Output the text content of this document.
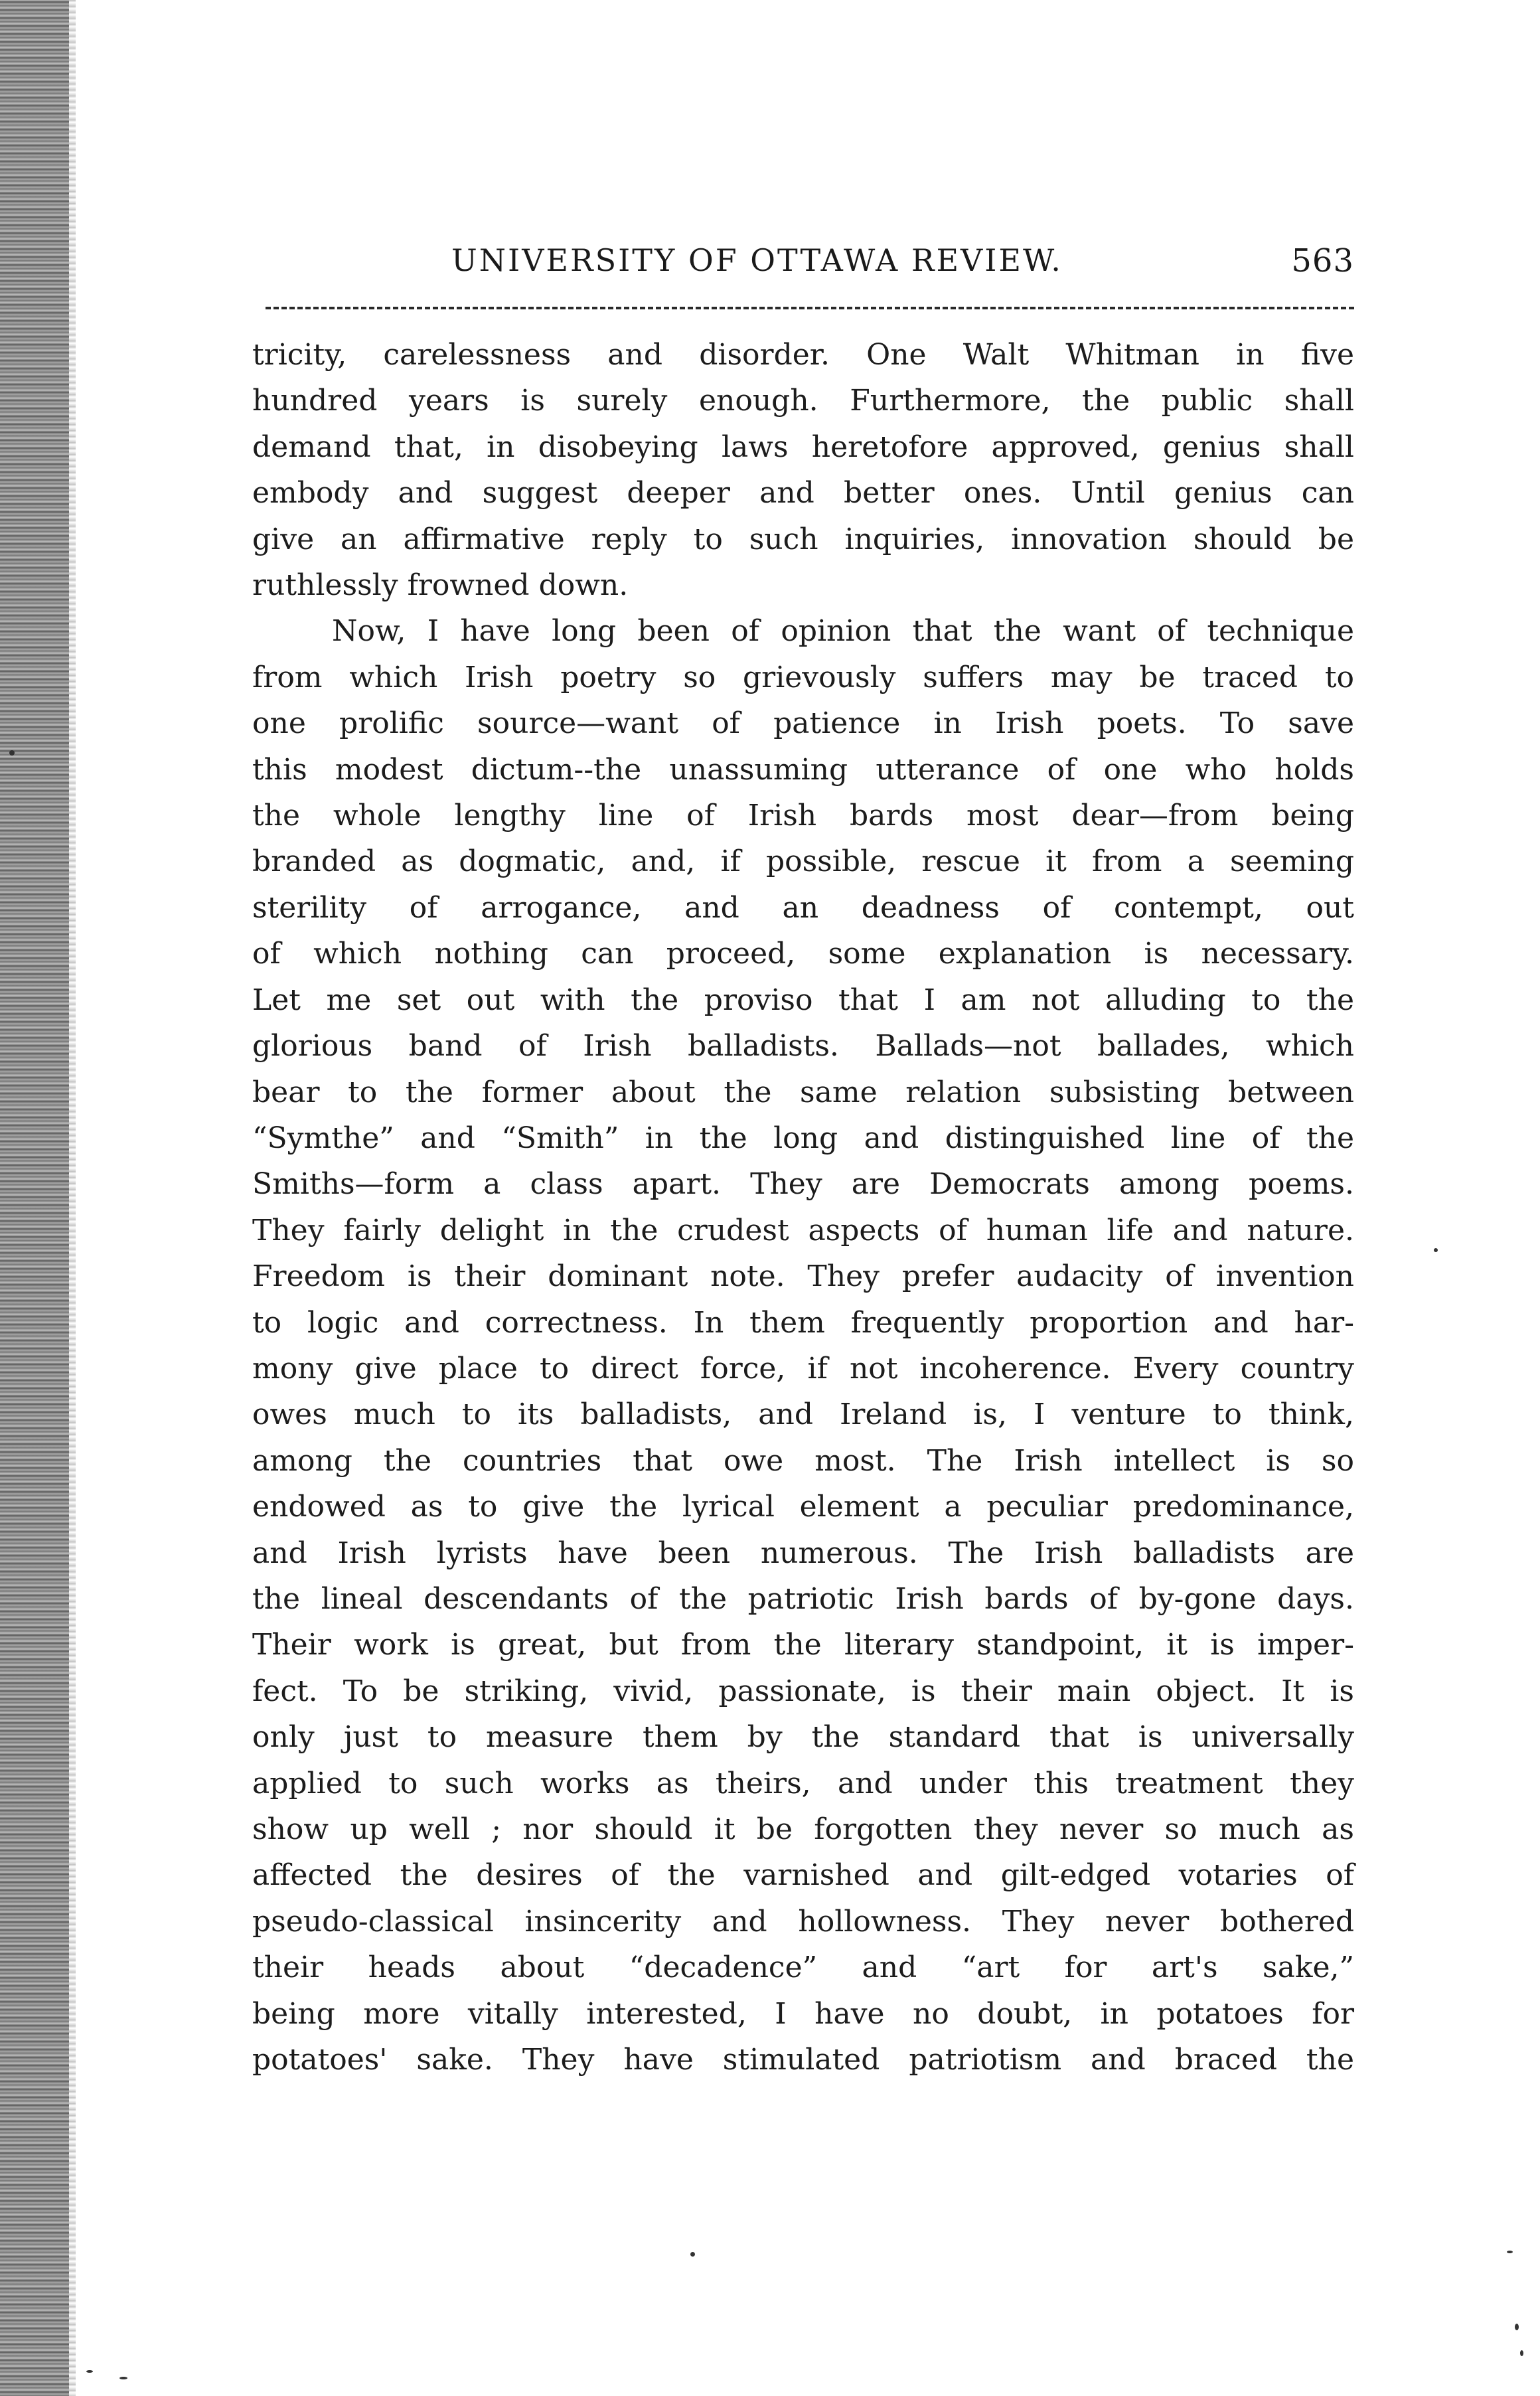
UNIVERSITY OF OTTAWA REVIEW.	563

tricity, carelessness and disorder. One Walt Whitman in five
hundred years is surely enough. Furthermore, the public shall
demand that, in disobeying laws heretofore approved, genius shall
embody and suggest deeper and better ones. Until genius can
give an affirmative reply to such inquiries, innovation should be
ruthlessly frowned down.

Now, I have long been of opinion that the want of technique
from which Irish poetry so grievously suffers may be traced to
one prolific source—want of patience in Irish poets. To save
this modest dictum--the unassuming utterance of one who holds
the whole lengthy line of Irish bards most dear—from being
branded as dogmatic, and, if possible, rescue it from a seeming
sterility of arrogance, and an deadness of contempt, out
of which nothing can proceed, some explanation is necessary.
Let me set out with the proviso that I am not alluding to the
glorious band of Irish balladists. Ballads—not ballades, which
bear to the former about the same relation subsisting between
“Symthe” and “Smith” in the long and distinguished line of the
Smiths—form a class apart. They are Democrats among poems.
They fairly delight in the crudest aspects of human life and nature.
Freedom is their dominant note. They prefer audacity of invention
to logic and correctness. In them frequently proportion and har-
mony give place to direct force, if not incoherence. Every country
owes much to its balladists, and Ireland is, I venture to think,
among the countries that owe most. The Irish intellect is so
endowed as to give the lyrical element a peculiar predominance,
and Irish lyrists have been numerous. The Irish balladists are
the lineal descendants of the patriotic Irish bards of by-gone days.
Their work is great, but from the literary standpoint, it is imper-
fect. To be striking, vivid, passionate, is their main object. It is
only just to measure them by the standard that is universally
applied to such works as theirs, and under this treatment they
show up well ; nor should it be forgotten they never so much as
affected the desires of the varnished and gilt-edged votaries of
pseudo-classical insincerity and hollowness. They never bothered
their heads about “decadence” and “art for art's sake,”
being more vitally interested, I have no doubt, in potatoes for
potatoes' sake. They have stimulated patriotism and braced the
